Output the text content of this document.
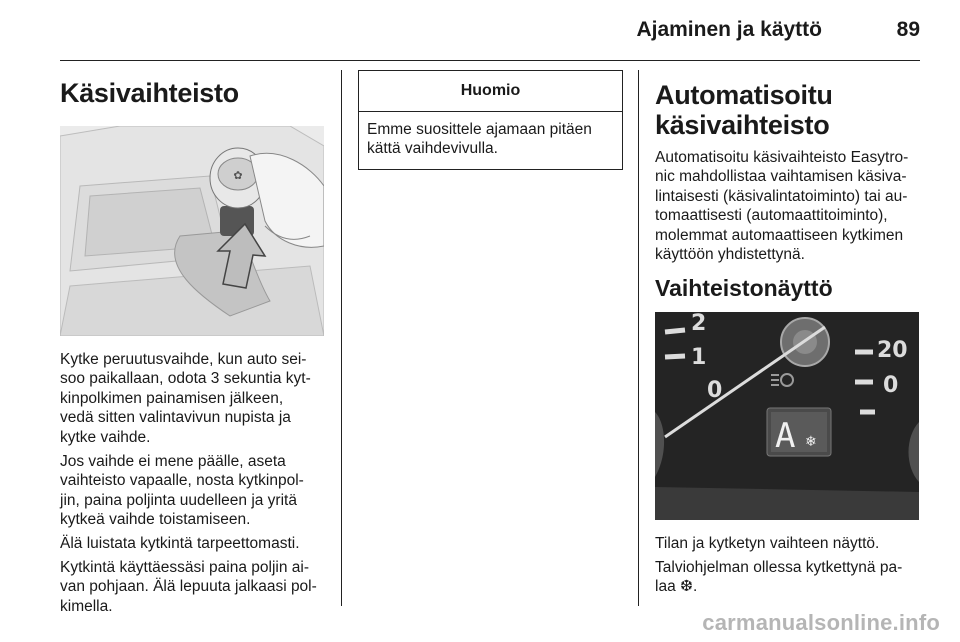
Ajaminen ja käyttö	89
Käsivaihteisto
✿

Kytke peruutusvaihde, kun auto sei-
soo paikallaan, odota 3 sekuntia kyt-
kinpolkimen painamisen jälkeen,
vedä sitten valintavivun nupista ja
kytke vaihde.

Jos vaihde ei mene päälle, aseta
vaihteisto vapaalle, nosta kytkinpol-
jin, paina poljinta uudelleen ja yritä
kytkeä vaihde toistamiseen.

Älä luistata kytkintä tarpeettomasti.

Kytkintä käyttäessäsi paina poljin ai-
van pohjaan. Älä lepuuta jalkaasi pol-
kimella.

Huomio
Emme suosittele ajamaan pitäen
kättä vaihdevivulla.
Automatisoitu
käsivaihteisto

Automatisoitu käsivaihteisto Easytro-
nic mahdollistaa vaihtamisen käsiva-
lintaisesti (käsivalintatoiminto) tai au-
tomaattisesti (automaattitoiminto),
molemmat automaattiseen kytkimen
käyttöön yhdistettynä.

Vaihteistonäyttö
2
1
0
20
0
A ❄

Tilan ja kytketyn vaihteen näyttö.

Talviohjelman ollessa kytkettynä pa-
laa ❆.

carmanualsonline.info
